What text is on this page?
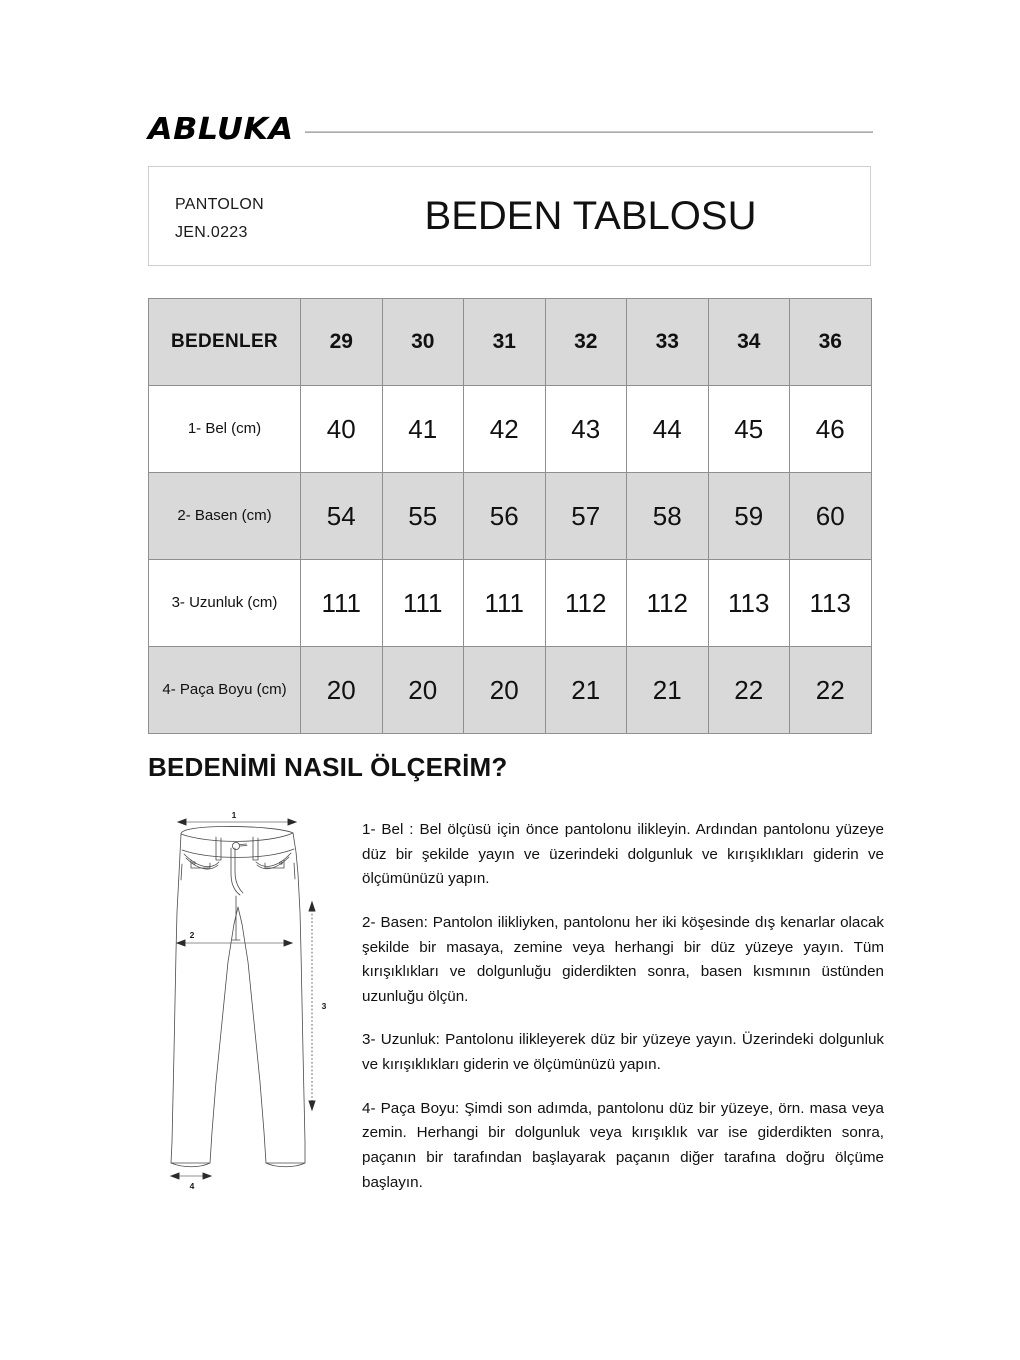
ABLUKA
PANTOLON
JEN.0223	BEDEN TABLOSU
BEDENLER	29	30	31	32	33	34	36
1- Bel (cm)	40	41	42	43	44	45	46
2- Basen (cm)	54	55	56	57	58	59	60
3- Uzunluk (cm)	111	111	111	112	112	113	113
4- Paça Boyu (cm)	20	20	20	21	21	22	22
BEDENİMİ NASIL ÖLÇERİM?
1
2
3
4

1- Bel : Bel ölçüsü için önce pantolonu ilikleyin. Ardından pantolonu yüzeye düz bir şekilde yayın ve üzerindeki dolgunluk ve kırışıklıkları giderin ve ölçümünüzü yapın.

2- Basen: Pantolon ilikliyken, pantolonu her iki köşesinde dış kenarlar olacak şekilde bir masaya, zemine veya herhangi bir düz yüzeye yayın. Tüm kırışıklıkları ve dolgunluğu giderdikten sonra, basen kısmının üstünden uzunluğu ölçün.

3- Uzunluk: Pantolonu ilikleyerek düz bir yüzeye yayın. Üzerindeki dolgunluk ve kırışıklıkları giderin ve ölçümünüzü yapın.

4- Paça Boyu: Şimdi son adımda, pantolonu düz bir yüzeye, örn. masa veya zemin. Herhangi bir dolgunluk veya kırışıklık var ise giderdikten sonra, paçanın bir tarafından başlayarak paçanın diğer tarafına doğru ölçüme başlayın.
